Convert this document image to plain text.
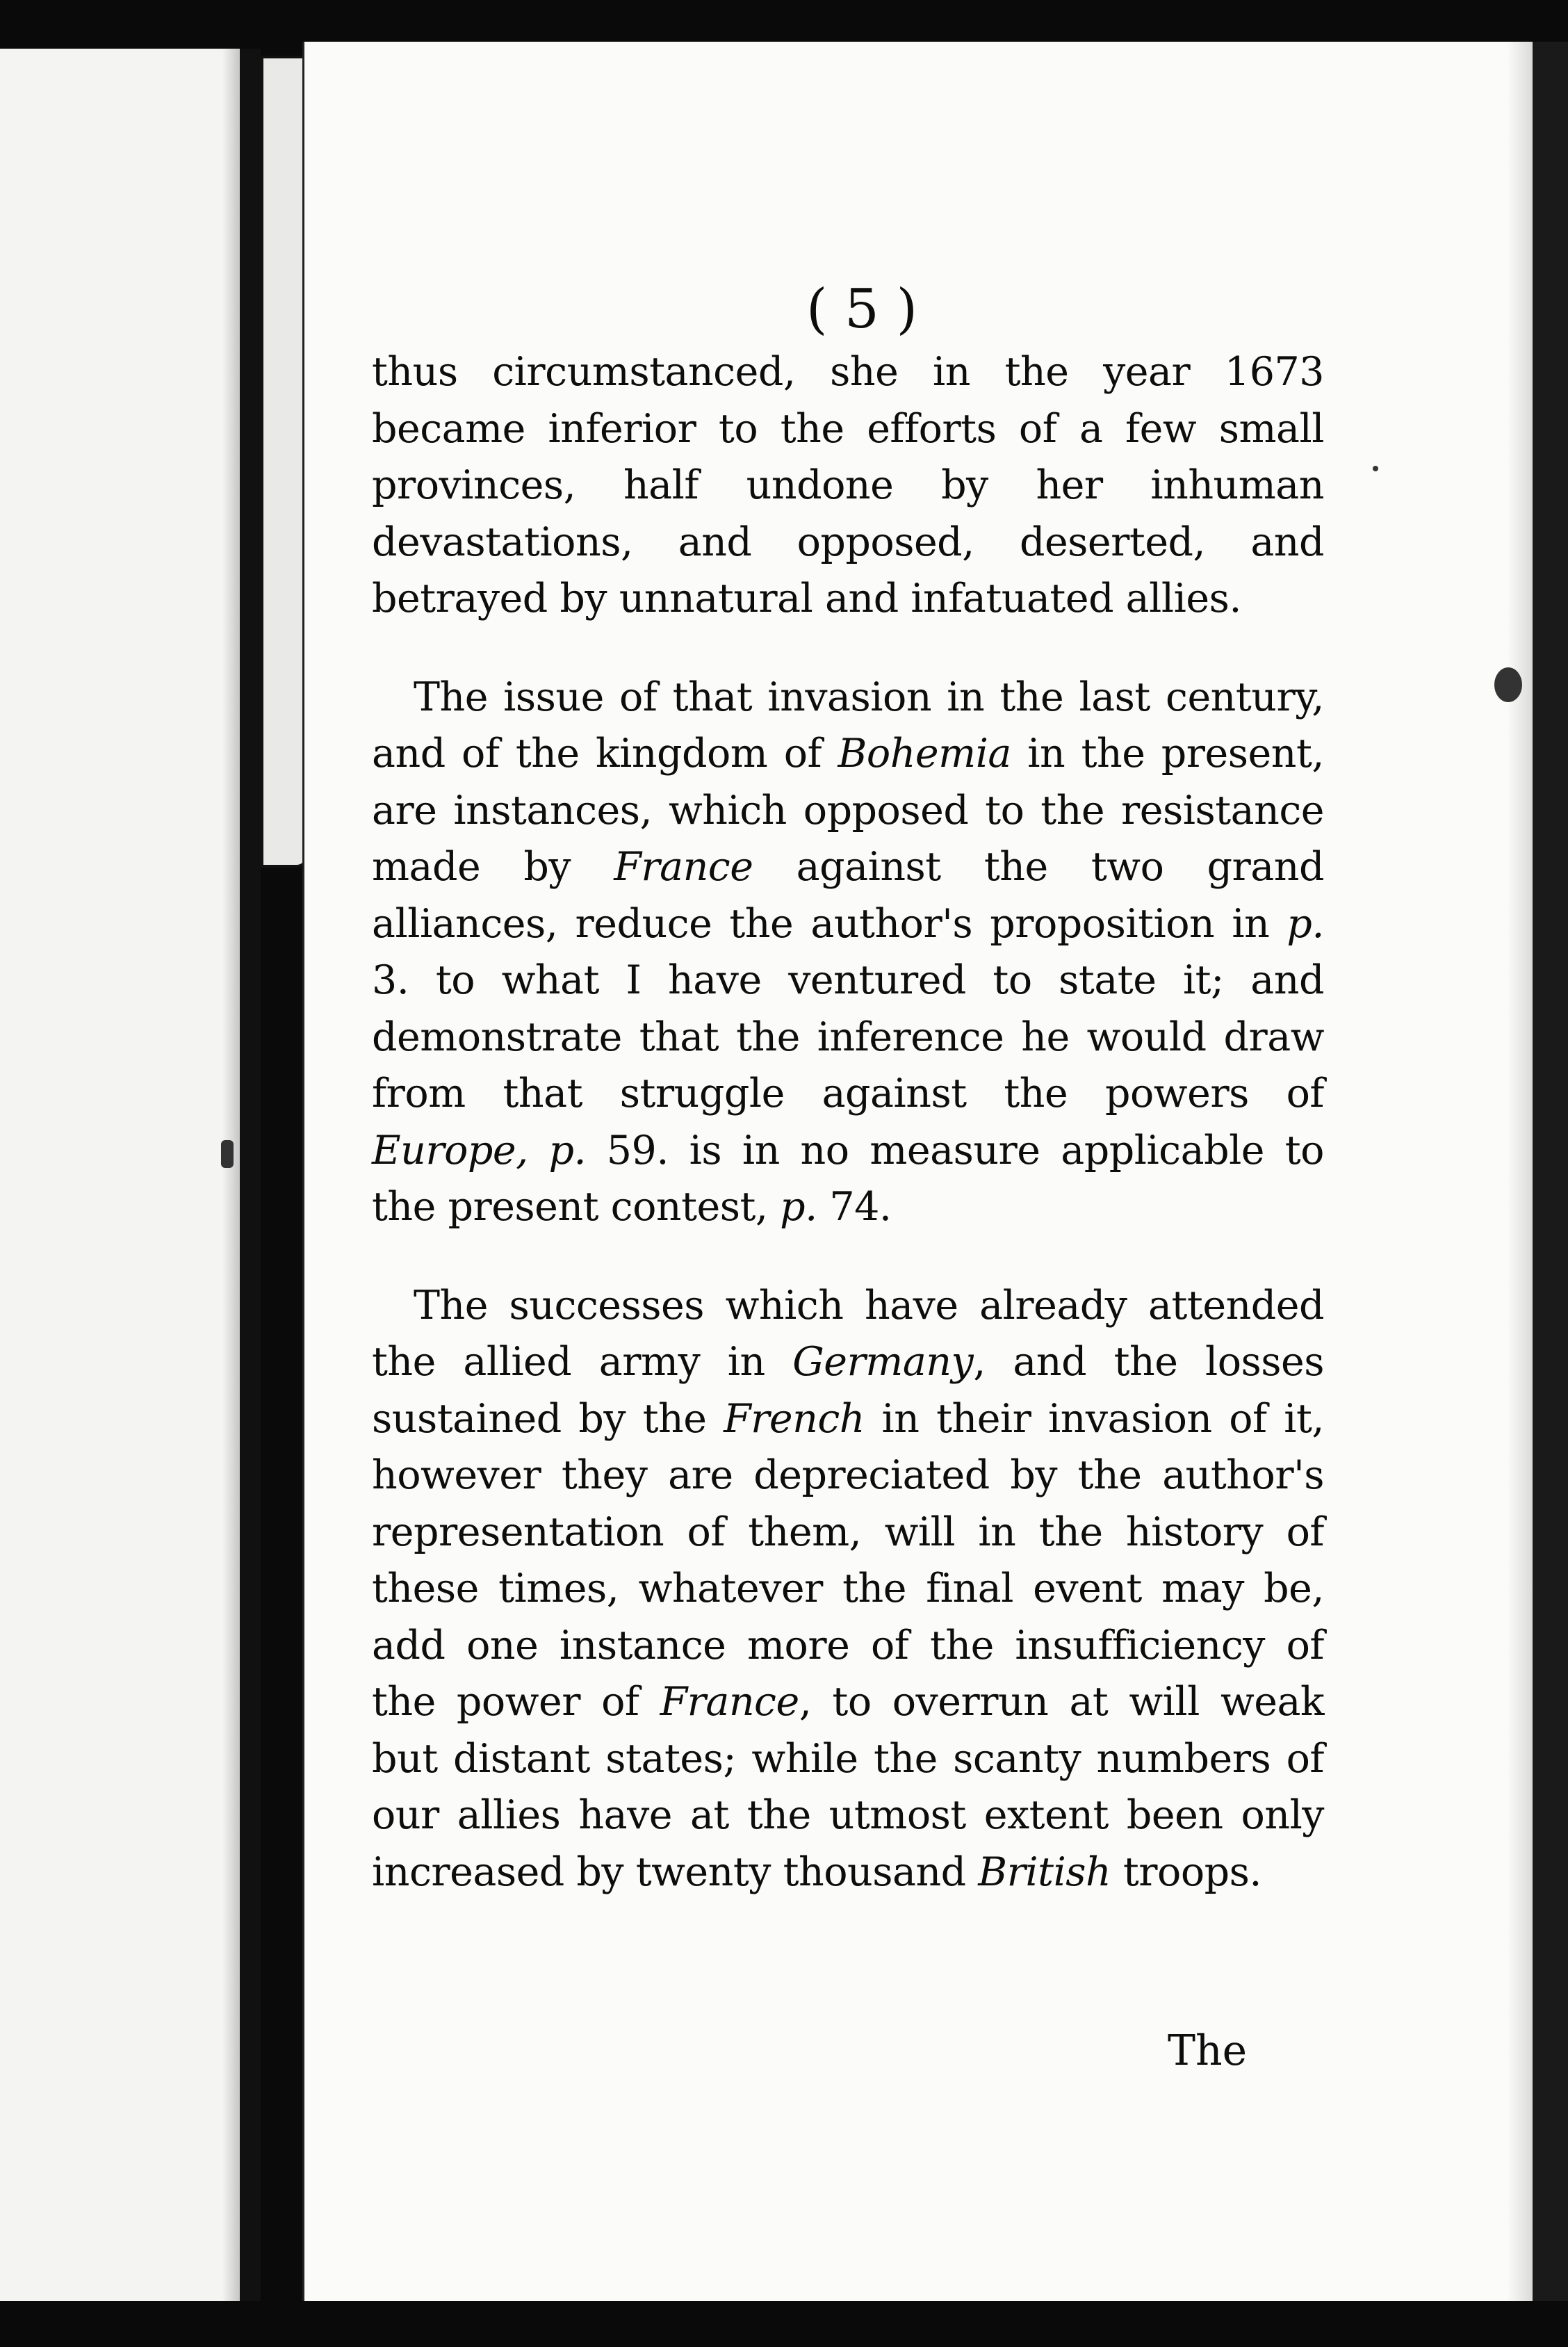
( 5 )

thus circumstanced, she in the year 1673 became inferior to the efforts of a few small provinces, half undone by her inhuman devastations, and opposed, deserted, and betrayed by unnatural and infatuated allies.

The issue of that invasion in the last century, and of the kingdom of Bohemia in the present, are instances, which opposed to the resistance made by France against the two grand alliances, reduce the author's proposition in p. 3. to what I have ventured to state it; and demonstrate that the inference he would draw from that struggle against the powers of Europe, p. 59. is in no measure applicable to the present contest, p. 74.

The successes which have already attended the allied army in Germany, and the losses sustained by the French in their invasion of it, however they are depreciated by the author's representation of them, will in the history of these times, whatever the final event may be, add one instance more of the insufficiency of the power of France, to overrun at will weak but distant states; while the scanty numbers of our allies have at the utmost extent been only increased by twenty thousand British troops.

The
